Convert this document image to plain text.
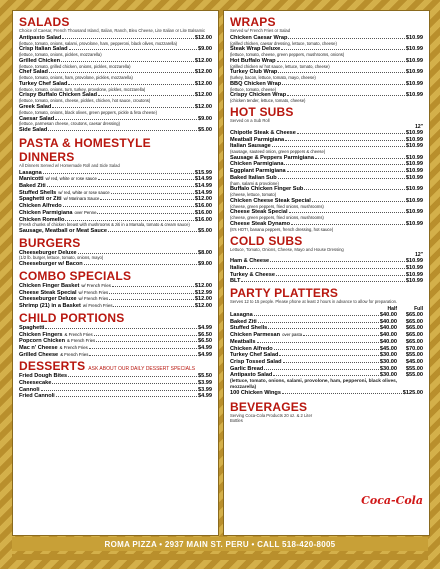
SALADS
Choice of Caesar, French Thousand Island, Italian, Ranch, Bleu Cheese, Lite Italian or Lite Balsamic
Antipasto Salad	$12.00
(lettuce, tomato, onions, salami, provolone, ham, pepperoni, black olives, mozzarella)
Crisp Italian Salad	$9.00
(lettuce, tomato, onions, pickles, mozzarella)
Grilled Chicken	$12.00
(lettuce, tomato, grilled chicken, onions, pickles, mozzarella)
Chef Salad	$12.00
(lettuce, tomato, onions, ham, provolone, pickles, mozzarella)
Turkey Chef Salad	$12.00
(lettuce, tomato, onions, turn, turkey, provolone, pickles, mozzarella)
Crispy Buffalo Chicken Salad	$12.00
(lettuce, tomato, onions, cheese, pickles, chicken, hot sauce, croutons)
Greek Salad	$12.00
(lettuce, tomato, onions, black olives, green peppers, pickle & feta cheese)
Caesar Salad	$9.00
(lettuce, parmesan cheese, croutons, caesar dressing)
Side Salad	$5.00
PASTA & HOMESTYLE
DINNERS
All Dinners Served w/ Homemade Roll and Side Salad
Lasagna	$15.99
Manicotti w/ red, white or rose sauce	$14.99
Baked Ziti	$14.99
Stuffed Shells w/ red, white or rose sauce	$14.99
Spaghetti or Ziti w/ Marinara Sauce	$12.00
Chicken Alfredo	$16.00
Chicken Parmigiana over Penne	$16.00
Chicken Romello	$16.00
(Fresh chunks of chicken breast with mushrooms & ziti in a Marsala, tomato & cream sauce)
Sausage, Meatball or Meat Sauce	$5.00
BURGERS
Cheeseburger Deluxe	$8.00
(1/2 lb. burger, lettuce, tomato, onions, mayo)
Cheeseburger w/ Bacon	$9.00
COMBO SPECIALS
Chicken Finger Basket w/ French Fries	$12.00
Cheese Steak Special w/ French Fries	$12.99
Cheeseburger Deluxe w/ French Fries	$12.00
Shrimp (21) in a Basket w/ French Fries	$12.00
CHILD PORTIONS
Spaghetti	$4.99
Chicken Fingers & French Fries	$6.50
Popcorn Chicken & French Fries	$6.50
Mac n' Cheese & French Fries	$4.99
Grilled Cheese & French Fries	$4.99
DESSERTS ASK ABOUT OUR DAILY DESSERT SPECIALS
Fried Dough Bites	$5.50
Cheesecake	$3.99
Cannoli	$3.99
Fried Cannoli	$4.99
WRAPS
Served w/ French Fries or Salad
Chicken Caesar Wrap	$10.99
(grilled chicken, caesar dressing, lettuce, tomato, cheese)
Steak Wrap Deluxe	$10.99
(lettuce, tomato, cheese, green peppers, mushrooms, onions)
Hot Buffalo Wrap	$10.99
(grilled chicken w/ hot sauce, lettuce, tomato, cheese)
Turkey Club Wrap	$10.99
(turkey, bacon, lettuce, tomato, mayo, cheese)
BBQ Chicken Wrap	$10.99
(lettuce, tomato, cheese)
Crispy Chicken Wrap	$10.99
(chicken tender, lettuce, tomato, cheese)
HOT SUBS
Served on a Sub Roll
12"
Chipotle Steak & Cheese	$10.99
Meatball Parmigiana	$10.99
Italian Sausage	$10.99
(sausage, sauteed onion, green peppers & cheese)
Sausage & Peppers Parmigiana	$10.99
Chicken Parmigiana	$10.99
Eggplant Parmigiana	$10.99
Baked Italian Sub	$10.99
(ham, salami & provolone)
Buffalo Chicken Finger Sub	$10.99
(cheese, lettuce, tomato)
Chicken Cheese Steak Special	$10.99
(cheese, green peppers, fried onions, mushrooms)
Cheese Steak Special	$10.99
(cheese, green peppers, fried onions, mushrooms)
Cheese Steak Dynamo	$10.99
(It's HOT!, banana peppers, french dressing, hot sauce)
COLD SUBS
Lettuce, Tomato, Onions, Cheese, Mayo and House Dressing
12"
Ham & Cheese	$10.99
Italian	$10.99
Turkey & Cheese	$10.99
BLT	$10.99
PARTY PLATTERS
Serves 12 to 15 people. Please phone at least 2 hours in advance to allow for preparation.
Half	Full
Lasagna	$40.00	$65.00
Baked Ziti	$40.00	$65.00
Stuffed Shells	$40.00	$65.00
Chicken Parmesan over pasta	$40.00	$65.00
Meatballs	$40.00	$65.00
Chicken Alfredo	$45.00	$70.00
Turkey Chef Salad	$30.00	$55.00
Crisp Tossed Salad	$30.00	$45.00
Garlic Bread	$30.00	$55.00
Antipasto Salad	$30.00	$55.00
(lettuce, tomato, onions, salami, provolone, ham, pepperoni, black olives, mozzarella)
100 Chicken Wings	$125.00
BEVERAGES
Serving Coca-Cola Products 20 oz. & 2 Liter Bottles
Coca-Cola
ROMA PIZZA • 2937 MAIN ST. PERU • CALL 518-420-8005
